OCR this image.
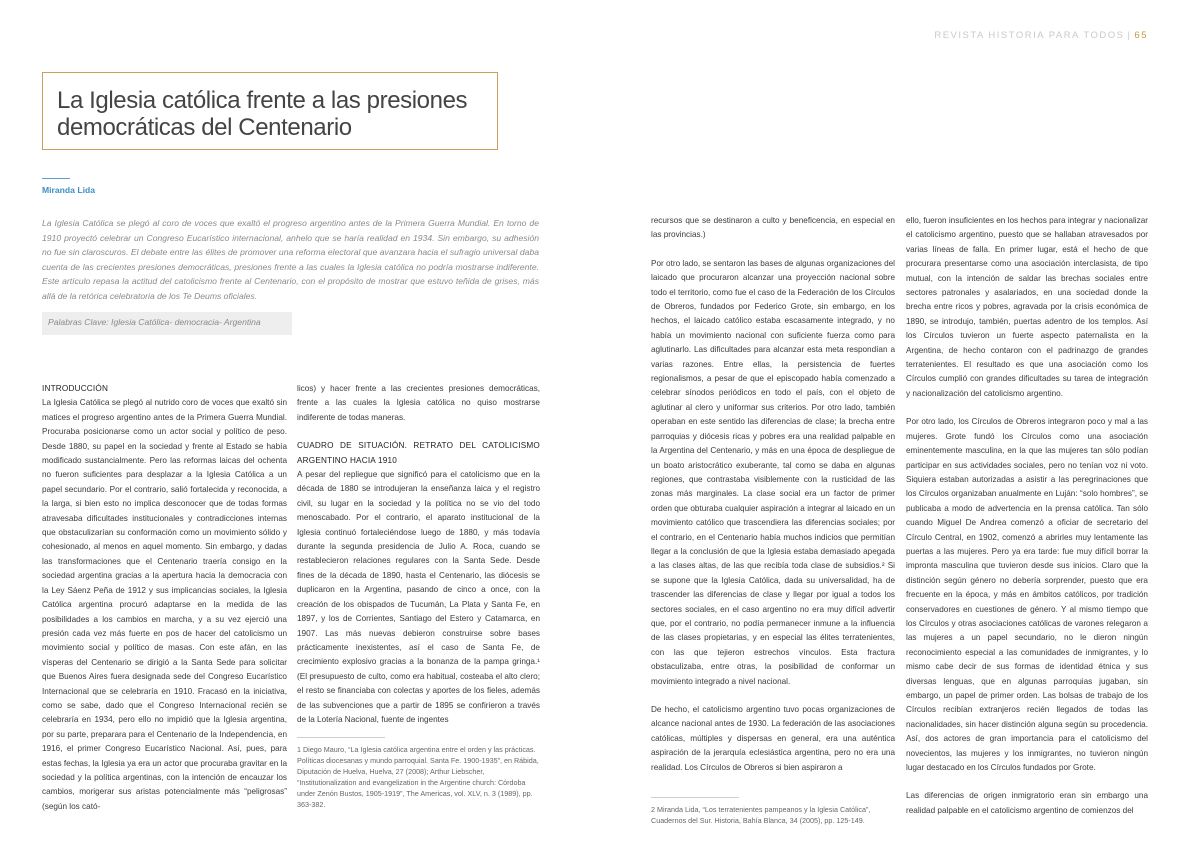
REVISTA HISTORIA PARA TODOS | 65
La Iglesia católica frente a las presiones
democráticas del Centenario
Miranda Lida
La Iglesia Católica se plegó al coro de voces que exaltó el progreso argentino antes de la Primera Guerra Mundial. En torno de 1910 proyectó celebrar un Congreso Eucarístico internacional, anhelo que se haría realidad en 1934. Sin embargo, su adhesión no fue sin claroscuros. El debate entre las élites de promover una reforma electoral que avanzara hacia el sufragio universal daba cuenta de las crecientes presiones democráticas, presiones frente a las cuales la Iglesia católica no podría mostrarse indiferente. Este artículo repasa la actitud del catolicismo frente al Centenario, con el propósito de mostrar que estuvo teñida de grises, más allá de la retórica celebratoria de los Te Deums oficiales.
Palabras Clave: Iglesia Católica- democracia- Argentina

INTRODUCCIÓN

La Iglesia Católica se plegó al nutrido coro de voces que exaltó sin matices el progreso argentino antes de la Primera Guerra Mundial. Procuraba posicionarse como un actor social y político de peso. Desde 1880, su papel en la sociedad y frente al Estado se había modificado sustancialmente. Pero las reformas laicas del ochenta no fueron suficientes para desplazar a la Iglesia Católica a un papel secundario. Por el contrario, salió fortalecida y reconocida, a la larga, si bien esto no implica desconocer que de todas formas atravesaba dificultades institucionales y contradicciones internas que obstaculizarían su conformación como un movimiento sólido y cohesionado, al menos en aquel momento. Sin embargo, y dadas las transformaciones que el Centenario traería consigo en la sociedad argentina gracias a la apertura hacia la democracia con la Ley Sáenz Peña de 1912 y sus implicancias sociales, la Iglesia Católica argentina procuró adaptarse en la medida de las posibilidades a los cambios en marcha, y a su vez ejerció una presión cada vez más fuerte en pos de hacer del catolicismo un movimiento social y político de masas. Con este afán, en las vísperas del Centenario se dirigió a la Santa Sede para solicitar que Buenos Aires fuera designada sede del Congreso Eucarístico Internacional que se celebraría en 1910. Fracasó en la iniciativa, como se sabe, dado que el Congreso Internacional recién se celebraría en 1934, pero ello no impidió que la Iglesia argentina, por su parte, preparara para el Centenario de la Independencia, en 1916, el primer Congreso Eucarístico Nacional. Así, pues, para estas fechas, la Iglesia ya era un actor que procuraba gravitar en la sociedad y la política argentinas, con la intención de encauzar los cambios, morigerar sus aristas potencialmente más “peligrosas” (según los cató-

licos) y hacer frente a las crecientes presiones democráticas, frente a las cuales la Iglesia católica no quiso mostrarse indiferente de todas maneras.

CUADRO DE SITUACIÓN. RETRATO DEL CATOLICISMO ARGENTINO HACIA 1910

A pesar del repliegue que significó para el catolicismo que en la década de 1880 se introdujeran la enseñanza laica y el registro civil, su lugar en la sociedad y la política no se vio del todo menoscabado. Por el contrario, el aparato institucional de la Iglesia continuó fortaleciéndose luego de 1880, y más todavía durante la segunda presidencia de Julio A. Roca, cuando se restablecieron relaciones regulares con la Santa Sede. Desde fines de la década de 1890, hasta el Centenario, las diócesis se duplicaron en la Argentina, pasando de cinco a once, con la creación de los obispados de Tucumán, La Plata y Santa Fe, en 1897, y los de Corrientes, Santiago del Estero y Catamarca, en 1907. Las más nuevas debieron construirse sobre bases prácticamente inexistentes, así el caso de Santa Fe, de crecimiento explosivo gracias a la bonanza de la pampa gringa.¹ (El presupuesto de culto, como era habitual, costeaba el alto clero; el resto se financiaba con colectas y aportes de los fieles, además de las subvenciones que a partir de 1895 se confirieron a través de la Lotería Nacional, fuente de ingentes

1 Diego Mauro, “La Iglesia católica argentina entre el orden y las prácticas. Políticas diocesanas y mundo parroquial. Santa Fe. 1900-1935”, en Rábida, Diputación de Huelva, Huelva, 27 (2008); Arthur Liebscher, “Institutionalization and evangelization in the Argentine church: Córdoba under Zenón Bustos, 1905-1919”, The Americas, vol. XLV, n. 3 (1989), pp. 363-382.

recursos que se destinaron a culto y beneficencia, en especial en las provincias.)

Por otro lado, se sentaron las bases de algunas organizaciones del laicado que procuraron alcanzar una proyección nacional sobre todo el territorio, como fue el caso de la Federación de los Círculos de Obreros, fundados por Federico Grote, sin embargo, en los hechos, el laicado católico estaba escasamente integrado, y no había un movimiento nacional con suficiente fuerza como para aglutinarlo. Las dificultades para alcanzar esta meta respondían a varias razones. Entre ellas, la persistencia de fuertes regionalismos, a pesar de que el episcopado había comenzado a celebrar sínodos periódicos en todo el país, con el objeto de aglutinar al clero y uniformar sus criterios. Por otro lado, también operaban en este sentido las diferencias de clase; la brecha entre parroquias y diócesis ricas y pobres era una realidad palpable en la Argentina del Centenario, y más en una época de despliegue de un boato aristocrático exuberante, tal como se daba en algunas regiones, que contrastaba visiblemente con la rusticidad de las zonas más marginales. La clase social era un factor de primer orden que obturaba cualquier aspiración a integrar al laicado en un movimiento católico que trascendiera las diferencias sociales; por el contrario, en el Centenario había muchos indicios que permitían llegar a la conclusión de que la Iglesia estaba demasiado apegada a las clases altas, de las que recibía toda clase de subsidios.² Si se supone que la Iglesia Católica, dada su universalidad, ha de trascender las diferencias de clase y llegar por igual a todos los sectores sociales, en el caso argentino no era muy difícil advertir que, por el contrario, no podía permanecer inmune a la influencia de las clases propietarias, y en especial las élites terratenientes, con las que tejieron estrechos vínculos. Esta fractura obstaculizaba, entre otras, la posibilidad de conformar un movimiento integrado a nivel nacional.

De hecho, el catolicismo argentino tuvo pocas organizaciones de alcance nacional antes de 1930. La federación de las asociaciones católicas, múltiples y dispersas en general, era una auténtica aspiración de la jerarquía eclesiástica argentina, pero no era una realidad. Los Círculos de Obreros si bien aspiraron a

2 Miranda Lida, “Los terratenientes pampeanos y la Iglesia Católica”, Cuadernos del Sur. Historia, Bahía Blanca, 34 (2005), pp. 125-149.

ello, fueron insuficientes en los hechos para integrar y nacionalizar el catolicismo argentino, puesto que se hallaban atravesados por varias líneas de falla. En primer lugar, está el hecho de que procurara presentarse como una asociación interclasista, de tipo mutual, con la intención de saldar las brechas sociales entre sectores patronales y asalariados, en una sociedad donde la brecha entre ricos y pobres, agravada por la crisis económica de 1890, se introdujo, también, puertas adentro de los templos. Así los Círculos tuvieron un fuerte aspecto paternalista en la Argentina, de hecho contaron con el padrinazgo de grandes terratenientes. El resultado es que una asociación como los Círculos cumplió con grandes dificultades su tarea de integración y nacionalización del catolicismo argentino.

Por otro lado, los Círculos de Obreros integraron poco y mal a las mujeres. Grote fundó los Círculos como una asociación eminentemente masculina, en la que las mujeres tan sólo podían participar en sus actividades sociales, pero no tenían voz ni voto. Siquiera estaban autorizadas a asistir a las peregrinaciones que los Círculos organizaban anualmente en Luján: “solo hombres”, se publicaba a modo de advertencia en la prensa católica. Tan sólo cuando Miguel De Andrea comenzó a oficiar de secretario del Círculo Central, en 1902, comenzó a abrirles muy lentamente las puertas a las mujeres. Pero ya era tarde: fue muy difícil borrar la impronta masculina que tuvieron desde sus inicios. Claro que la distinción según género no debería sorprender, puesto que era frecuente en la época, y más en ámbitos católicos, por tradición conservadores en cuestiones de género. Y al mismo tiempo que los Círculos y otras asociaciones católicas de varones relegaron a las mujeres a un papel secundario, no le dieron ningún reconocimiento especial a las comunidades de inmigrantes, y lo mismo cabe decir de sus formas de identidad étnica y sus diversas lenguas, que en algunas parroquias jugaban, sin embargo, un papel de primer orden. Las bolsas de trabajo de los Círculos recibían extranjeros recién llegados de todas las nacionalidades, sin hacer distinción alguna según su procedencia. Así, dos actores de gran importancia para el catolicismo del novecientos, las mujeres y los inmigrantes, no tuvieron ningún lugar destacado en los Círculos fundados por Grote.

Las diferencias de origen inmigratorio eran sin embargo una realidad palpable en el catolicismo argentino de comienzos del
